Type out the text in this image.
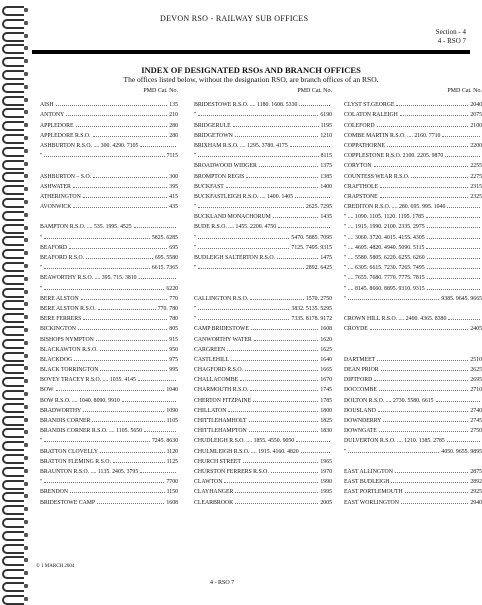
DEVON RSO - RAILWAY SUB OFFICES
Section - 4
4 - RSO 7
INDEX OF DESIGNATED RSOs AND BRANCH OFFICES
The offices listed below, without the designation RSO, are branch offices of an RSO.
PMD Cat. No.
AISH	135
ANTONY	210
APPLEDORE	280
APPLEDORE R.S.O.	280
ASHBURTON R.S.O. .... 300. 4290. 7105
"	7115
ASHBURTON – S.O.	300
ASHWATER	395
ATHERINGTON	415
AVONWICK	435
BAMPTON R.S.O. .... 535. 1995. 4525
"	5825. 6285
BEAFORD	695
BEAFORD R.S.O.	695. 5580
"	6615. 7365
BEAWORTHY R.S.O. .... 395. 715. 3810
"	6220
BERE ALSTON	770
BERE ALSTON R.S.O.	770. 780
BERE FERRERS	780
BICKINGTON	805
BISHOPS NYMPTON	915
BLACKAWTON R.S.O.	950
BLACKDOG	975
BLACK TORRINGTON	995
BOVEY TRACEY R.S.O. .... 1035. 4145
BOW	1040
BOW R.S.O. .... 1040. 8090. 9910
BRADWORTHY	1090
BRANDIS CORNER	1105
BRANDIS CORNER R.S.O. .... 1105. 5650
"	7245. 8630
BRATTON CLOVELLY	1120
BRATTON FLEMING R.S.O.	1125
BRAUNTON R.S.O. .... 1135. 2405. 3795
"	7700
BRENDON	1150
BRIDESTOWE CAMP	1608
PMD Cat. No.
BRIDESTOWE R.S.O. .... 1180. 1608. 5330
"	6190
BRIDGERULE	1195
BRIDGETOWN	1210
BRIXHAM R.S.O. .... 1295. 3780. 4175
"	8115
BROADWOOD WIDGER	1375
BROMPTON REGIS	1385
BUCKFAST	1400
BUCKFASTLEIGH R.S.O. .... 1400. 1405
"	2625. 7295
BUCKLAND MONACHORUM	1435
BUDE R.S.O. .... 1455. 2200. 4750
"	5470. 5885. 7095
"	7125. 7495. 9315
BUDLEIGH SALTERTON R.S.O.	1475
"	2892. 6425
CALLINGTON R.S.O.	1570. 2750
"	3832. 5135. 5295
"	7335. 8178. 9172
CAMP BRIDESTOWE	1608
CANWORTHY WATER	1620
CARGREEN	1625
CASTLEHILL	1640
CHAGFORD R.S.O.	1665
CHALLACOMBE	1670
CHARMOUTH R.S.O.	1745
CHERTON FITZPAINE	1785
CHILLATON	1800
CHITTLEHAMHOLT	1825
CHITTLEHAMPTON	1830
CHUDLEIGH R.S.O. .... 1855. 4550. 9050
CHULMLEIGH R.S.O. .... 1915. 4160. 4820
CHURCH STREET	1965
CHURSTON FERRERS R.S.O.	1970
CLAWTON	1990
CLAYHANGER	1995
CLEARBROOK	2005
PMD Cat. No.
CLYST ST.GEORGE	2040
COLATON RALEIGH	2075
COLEFORD	2100
COMBE MARTIN R.S.O. .... 2160. 7710
COPPATHORNE	2200
COPPLESTONE R.S.O. 2100. 2205. 9870
CORYTON	2255
COUNTESS WEAR R.S.O.	2275
CRAFTHOLE	2315
CRAPSTONE	2325
CREDITON R.S.O. .... 280. 695. 995. 1040
" .... 1090. 1105. 1120. 1195. 1785
" .... 1915. 1990. 2100. 2335. 2975
" .... 3060. 3720. 4015. 4155. 4305
" .... 4605. 4820. 4940. 5090. 5115
" .... 5580. 5805. 6220. 6255. 6260
" .... 6305. 6615. 7230. 7265. 7495
" .... 7655. 7680. 7770. 7775. 7815
" .... 8145. 8660. 8895. 9310. 9315
"	9385. 9645. 9665
CROWN HILL R.S.O. .... 2400. 4365. 8380
CROYDE	2405
DARTMEET	2510
DEAN PRIOR	2625
DIPTFORD	2695
DOCCOMBE	2710
DOLTON R.S.O. .... 2730. 5580. 6615
DOUSLAND	2740
DOWNDERRY	2745
DOWNGATE	2750
DULVERTON R.S.O. .... 1210. 1385. 2785
"	4050. 9655. 9895
EAST ALLINGTON	2875
EAST BUDLEIGH	2892
EAST PORTLEMOUTH	2925
EAST WORLINGTON	2940
© 1 MARCH 2004
4 - RSO 7
